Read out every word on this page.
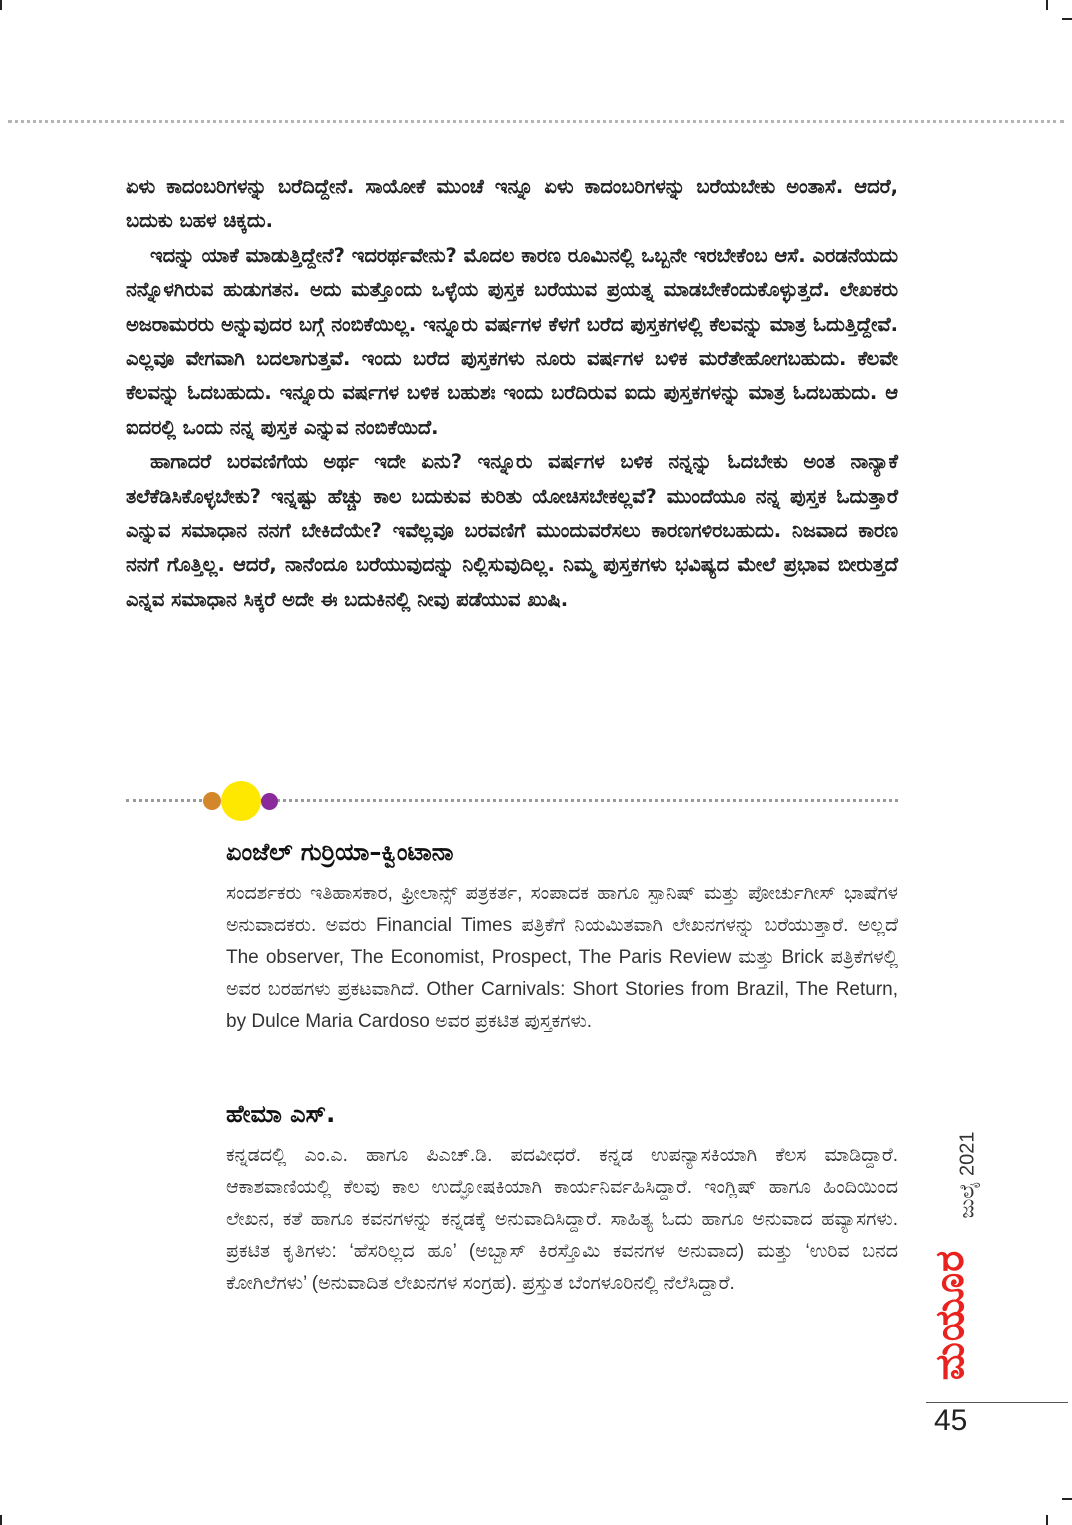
ಏಳು ಕಾದಂಬರಿಗಳನ್ನು ಬರೆದಿದ್ದೇನೆ. ಸಾಯೋಕೆ ಮುಂಚೆ ಇನ್ನೂ ಏಳು ಕಾದಂಬರಿಗಳನ್ನು ಬರೆಯಬೇಕು ಅಂತಾಸೆ. ಆದರೆ, ಬದುಕು ಬಹಳ ಚಿಕ್ಕದು.

ಇದನ್ನು ಯಾಕೆ ಮಾಡುತ್ತಿದ್ದೇನೆ? ಇದರರ್ಥವೇನು? ಮೊದಲ ಕಾರಣ ರೂಮಿನಲ್ಲಿ ಒಬ್ಬನೇ ಇರಬೇಕೆಂಬ ಆಸೆ. ಎರಡನೆಯದು ನನ್ನೊಳಗಿರುವ ಹುಡುಗತನ. ಅದು ಮತ್ತೊಂದು ಒಳ್ಳೆಯ ಪುಸ್ತಕ ಬರೆಯುವ ಪ್ರಯತ್ನ ಮಾಡಬೇಕೆಂದುಕೊಳ್ಳುತ್ತದೆ. ಲೇಖಕರು ಅಜರಾಮರರು ಅನ್ನುವುದರ ಬಗ್ಗೆ ನಂಬಿಕೆಯಿಲ್ಲ. ಇನ್ನೂರು ವರ್ಷಗಳ ಕೆಳಗೆ ಬರೆದ ಪುಸ್ತಕಗಳಲ್ಲಿ ಕೆಲವನ್ನು ಮಾತ್ರ ಓದುತ್ತಿದ್ದೇವೆ. ಎಲ್ಲವೂ ವೇಗವಾಗಿ ಬದಲಾಗುತ್ತವೆ. ಇಂದು ಬರೆದ ಪುಸ್ತಕಗಳು ನೂರು ವರ್ಷಗಳ ಬಳಿಕ ಮರೆತೇಹೋಗಬಹುದು. ಕೆಲವೇ ಕೆಲವನ್ನು ಓದಬಹುದು. ಇನ್ನೂರು ವರ್ಷಗಳ ಬಳಿಕ ಬಹುಶಃ ಇಂದು ಬರೆದಿರುವ ಐದು ಪುಸ್ತಕಗಳನ್ನು ಮಾತ್ರ ಓದಬಹುದು. ಆ ಐದರಲ್ಲಿ ಒಂದು ನನ್ನ ಪುಸ್ತಕ ಎನ್ನುವ ನಂಬಿಕೆಯಿದೆ.

ಹಾಗಾದರೆ ಬರವಣಿಗೆಯ ಅರ್ಥ ಇದೇ ಏನು? ಇನ್ನೂರು ವರ್ಷಗಳ ಬಳಿಕ ನನ್ನನ್ನು ಓದಬೇಕು ಅಂತ ನಾನ್ಯಾಕೆ ತಲೆಕೆಡಿಸಿಕೊಳ್ಳಬೇಕು? ಇನ್ನಷ್ಟು ಹೆಚ್ಚು ಕಾಲ ಬದುಕುವ ಕುರಿತು ಯೋಚಿಸಬೇಕಲ್ಲವೆ? ಮುಂದೆಯೂ ನನ್ನ ಪುಸ್ತಕ ಓದುತ್ತಾರೆ ಎನ್ನುವ ಸಮಾಧಾನ ನನಗೆ ಬೇಕಿದೆಯೇ? ಇವೆಲ್ಲವೂ ಬರವಣಿಗೆ ಮುಂದುವರೆಸಲು ಕಾರಣಗಳಿರಬಹುದು. ನಿಜವಾದ ಕಾರಣ ನನಗೆ ಗೊತ್ತಿಲ್ಲ. ಆದರೆ, ನಾನೆಂದೂ ಬರೆಯುವುದನ್ನು ನಿಲ್ಲಿಸುವುದಿಲ್ಲ. ನಿಮ್ಮ ಪುಸ್ತಕಗಳು ಭವಿಷ್ಯದ ಮೇಲೆ ಪ್ರಭಾವ ಬೀರುತ್ತದೆ ಎನ್ನವ ಸಮಾಧಾನ ಸಿಕ್ಕರೆ ಅದೇ ಈ ಬದುಕಿನಲ್ಲಿ ನೀವು ಪಡೆಯುವ ಖುಷಿ.

ಏಂಜೆಲ್ ಗುರ್‍ರಿಯಾ–ಕ್ವಿಂಟಾನಾ
ಸಂದರ್ಶಕರು ಇತಿಹಾಸಕಾರ, ಫ್ರೀಲಾನ್ಸ್ ಪತ್ರಕರ್ತ, ಸಂಪಾದಕ ಹಾಗೂ ಸ್ಪಾನಿಷ್ ಮತ್ತು ಪೋರ್ಚುಗೀಸ್ ಭಾಷೆಗಳ ಅನುವಾದಕರು. ಅವರು Financial Times ಪತ್ರಿಕೆಗೆ ನಿಯಮಿತವಾಗಿ ಲೇಖನಗಳನ್ನು ಬರೆಯುತ್ತಾರೆ. ಅಲ್ಲದೆ The observer, The Economist, Prospect, The Paris Review ಮತ್ತು Brick ಪತ್ರಿಕೆಗಳಲ್ಲಿ ಅವರ ಬರಹಗಳು ಪ್ರಕಟವಾಗಿದೆ. Other Carnivals: Short Stories from Brazil, The Return, by Dulce Maria Cardoso ಅವರ ಪ್ರಕಟಿತ ಪುಸ್ತಕಗಳು.
ಹೇಮಾ ಎಸ್.
ಕನ್ನಡದಲ್ಲಿ ಎಂ.ಎ. ಹಾಗೂ ಪಿಎಚ್.ಡಿ. ಪದವೀಧರೆ. ಕನ್ನಡ ಉಪನ್ಯಾಸಕಿಯಾಗಿ ಕೆಲಸ ಮಾಡಿದ್ದಾರೆ. ಆಕಾಶವಾಣಿಯಲ್ಲಿ ಕೆಲವು ಕಾಲ ಉದ್ಘೋಷಕಿಯಾಗಿ ಕಾರ್ಯನಿರ್ವಹಿಸಿದ್ದಾರೆ. ಇಂಗ್ಲಿಷ್ ಹಾಗೂ ಹಿಂದಿಯಿಂದ ಲೇಖನ, ಕತೆ ಹಾಗೂ ಕವನಗಳನ್ನು ಕನ್ನಡಕ್ಕೆ ಅನುವಾದಿಸಿದ್ದಾರೆ. ಸಾಹಿತ್ಯ ಓದು ಹಾಗೂ ಅನುವಾದ ಹವ್ಯಾಸಗಳು. ಪ್ರಕಟಿತ ಕೃತಿಗಳು: ‘ಹೆಸರಿಲ್ಲದ ಹೂ’ (ಅಬ್ಬಾಸ್ ಕಿರಸ್ತೊಮಿ ಕವನಗಳ ಅನುವಾದ) ಮತ್ತು ‘ಉರಿವ ಬನದ ಕೋಗಿಲೆಗಳು’ (ಅನುವಾದಿತ ಲೇಖನಗಳ ಸಂಗ್ರಹ). ಪ್ರಸ್ತುತ ಬೆಂಗಳೂರಿನಲ್ಲಿ ನೆಲೆಸಿದ್ದಾರೆ.
ಜುಲೈ 2021
ಮಯೂರ
45
